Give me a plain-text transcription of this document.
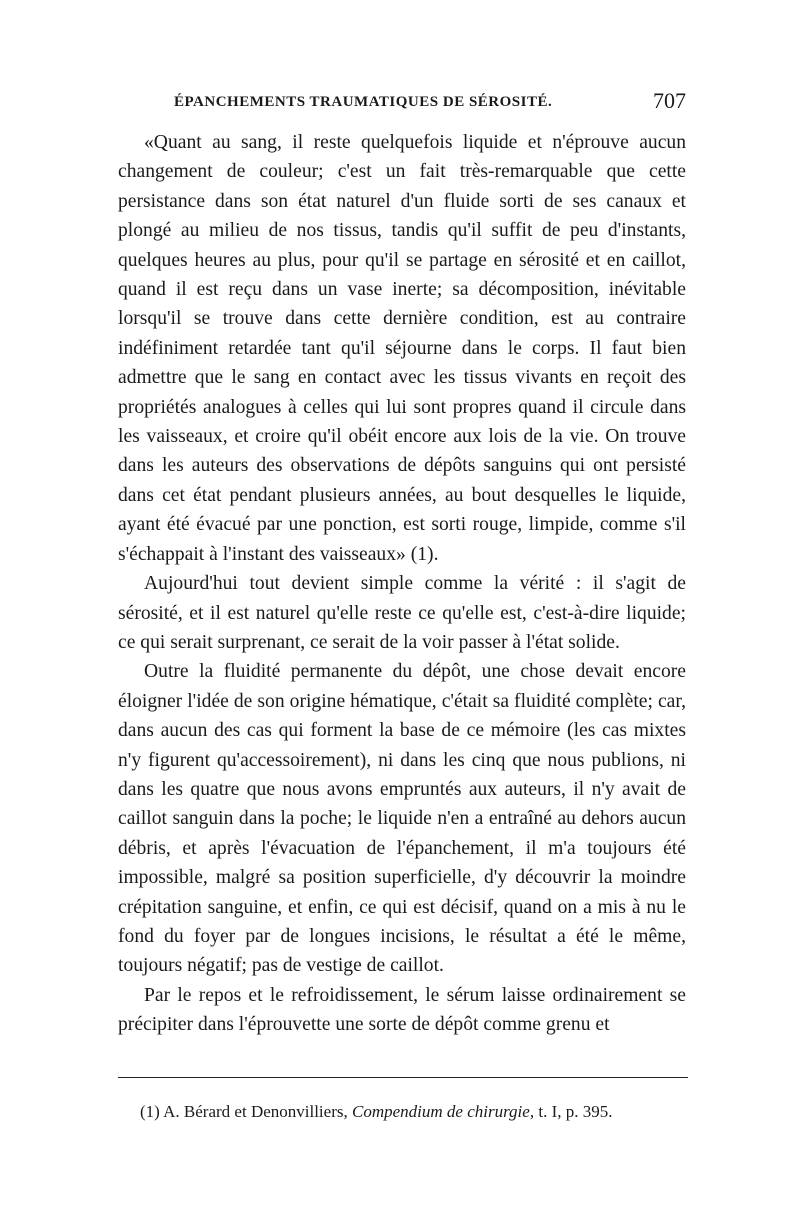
ÉPANCHEMENTS TRAUMATIQUES DE SÉROSITÉ.	707

«Quant au sang, il reste quelquefois liquide et n'éprouve aucun changement de couleur; c'est un fait très-remarquable que cette persistance dans son état naturel d'un fluide sorti de ses canaux et plongé au milieu de nos tissus, tandis qu'il suffit de peu d'instants, quelques heures au plus, pour qu'il se partage en sérosité et en caillot, quand il est reçu dans un vase inerte; sa décomposition, inévitable lorsqu'il se trouve dans cette dernière condition, est au contraire indéfiniment retardée tant qu'il séjourne dans le corps. Il faut bien admettre que le sang en contact avec les tissus vivants en reçoit des propriétés analogues à celles qui lui sont propres quand il circule dans les vaisseaux, et croire qu'il obéit encore aux lois de la vie. On trouve dans les auteurs des observations de dépôts sanguins qui ont persisté dans cet état pendant plusieurs années, au bout desquelles le liquide, ayant été évacué par une ponction, est sorti rouge, limpide, comme s'il s'échappait à l'instant des vaisseaux» (1).

Aujourd'hui tout devient simple comme la vérité : il s'agit de sérosité, et il est naturel qu'elle reste ce qu'elle est, c'est-à-dire liquide; ce qui serait surprenant, ce serait de la voir passer à l'état solide.

Outre la fluidité permanente du dépôt, une chose devait encore éloigner l'idée de son origine hématique, c'était sa fluidité complète; car, dans aucun des cas qui forment la base de ce mémoire (les cas mixtes n'y figurent qu'accessoirement), ni dans les cinq que nous publions, ni dans les quatre que nous avons empruntés aux auteurs, il n'y avait de caillot sanguin dans la poche; le liquide n'en a entraîné au dehors aucun débris, et après l'évacuation de l'épanchement, il m'a toujours été impossible, malgré sa position superficielle, d'y découvrir la moindre crépitation sanguine, et enfin, ce qui est décisif, quand on a mis à nu le fond du foyer par de longues incisions, le résultat a été le même, toujours négatif; pas de vestige de caillot.

Par le repos et le refroidissement, le sérum laisse ordinairement se précipiter dans l'éprouvette une sorte de dépôt comme grenu et

(1) A. Bérard et Denonvilliers, Compendium de chirurgie, t. I, p. 395.
